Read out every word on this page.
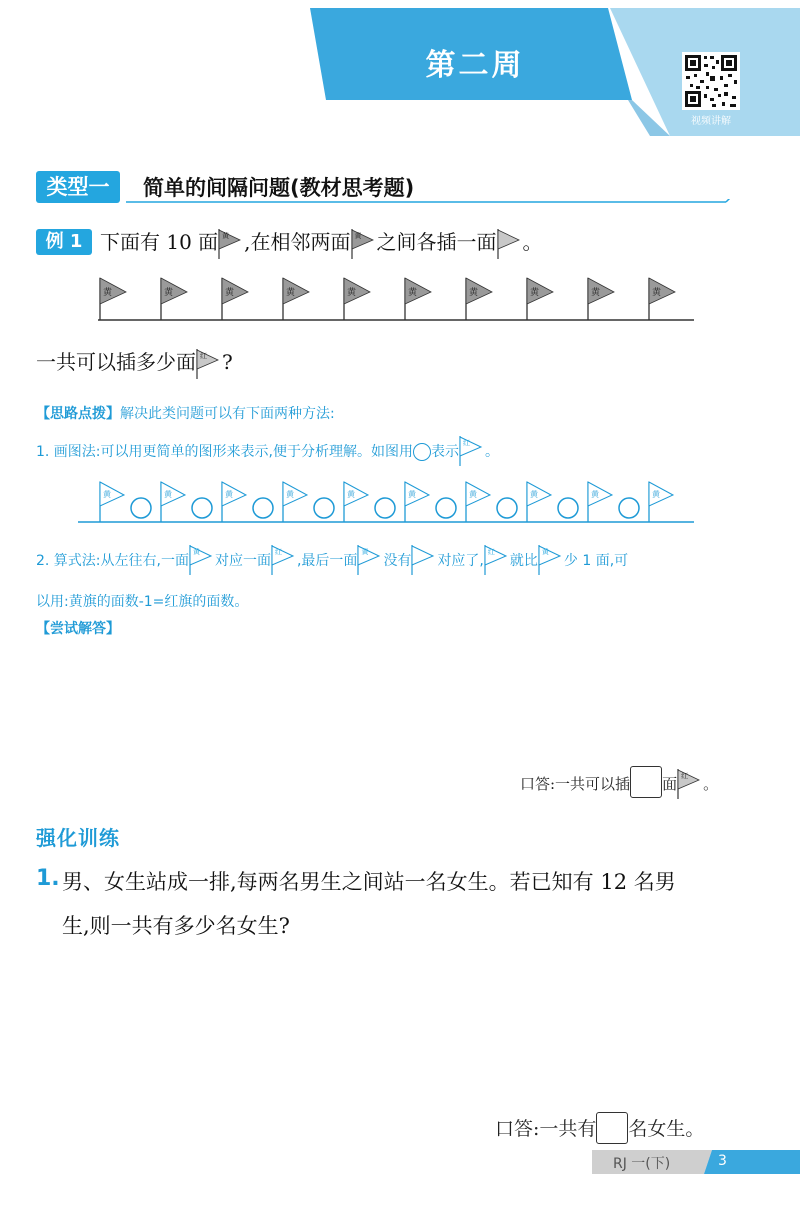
第二周
视频讲解
类型一	简单的间隔问题(教材思考题)
例 1 下面有 10 面 黄 ,在相邻两面 黄 之间各插一面 。
黄	黄	黄	黄	黄	黄	黄	黄	黄	黄
一共可以插多少面 红 ?
【思路点拨】解决此类问题可以有下面两种方法:
1. 画图法:可以用更简单的图形来表示,便于分析理解。如图用 表示
红
。
黄	黄	黄	黄	黄	黄	黄	黄	黄	黄
2. 算式法:从左往右,一面
黄
对应一面
红
,最后一面
黄
没有 对应了,
红
就比
黄
少 1 面,可
以用:黄旗的面数-1=红旗的面数。
【尝试解答】
口答:一共可以插 面 红 。
强化训练
1. 男、女生站成一排,每两名男生之间站一名女生。若已知有 12 名男
生,则一共有多少名女生?
口答:一共有 名女生。
RJ 一(下)	3
